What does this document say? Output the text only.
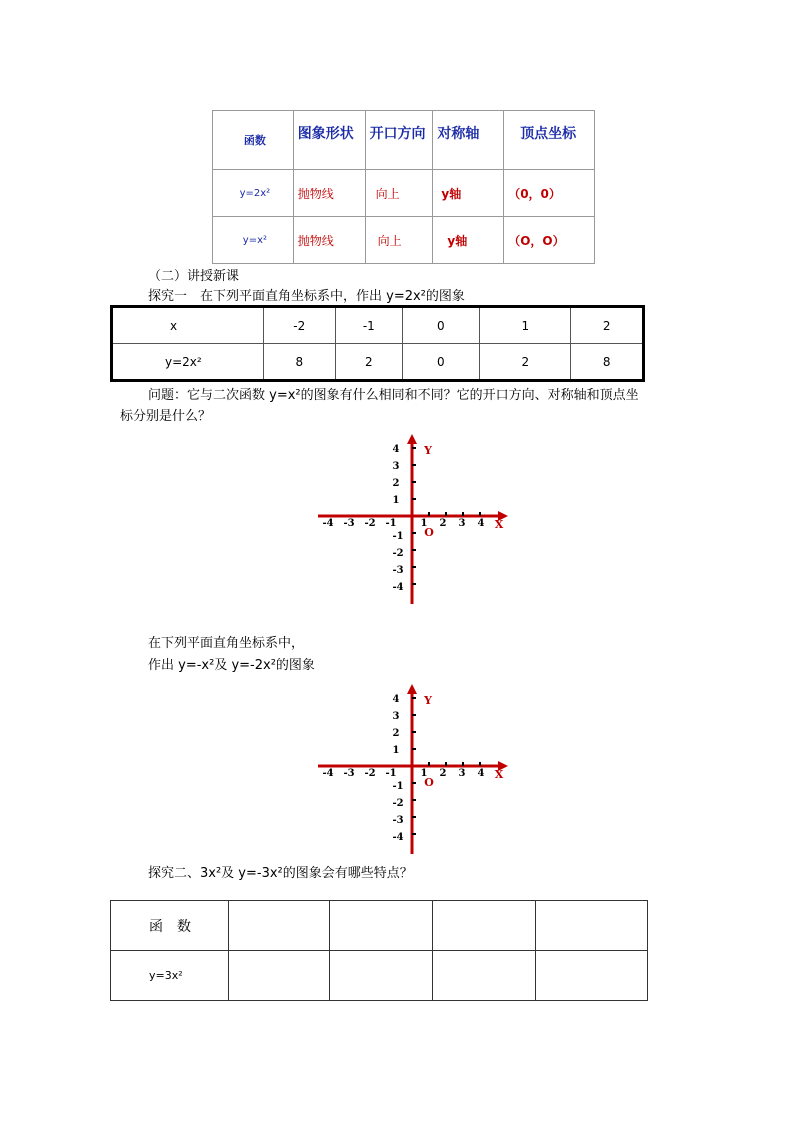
函数	图象形状	开口方向	对称轴	顶点坐标
y=2x²	抛物线	向上	y轴	（0，0）
y=x²	抛物线	向上	y轴	（O，O）
（二）讲授新课
探究一　在下列平面直角坐标系中，作出 y=2x²的图象
x	-2	-1	0	1	2
y=2x²	8	2	0	2	8
问题：它与二次函数 y=x²的图象有什么相同和不同？它的开口方向、对称轴和顶点坐
标分别是什么？
-4 -3 -2 -1 1 2 3 4
4
3
2
1
-1
-2
-3
-4
X
Y
O
在下列平面直角坐标系中，
作出 y=-x²及 y=-2x²的图象
-4 -3 -2 -1 1 2 3 4
4
3
2
1
-1
-2
-3
-4
X
Y
O
探究二、3x²及 y=-3x²的图象会有哪些特点？
函　数				
y=3x²				
